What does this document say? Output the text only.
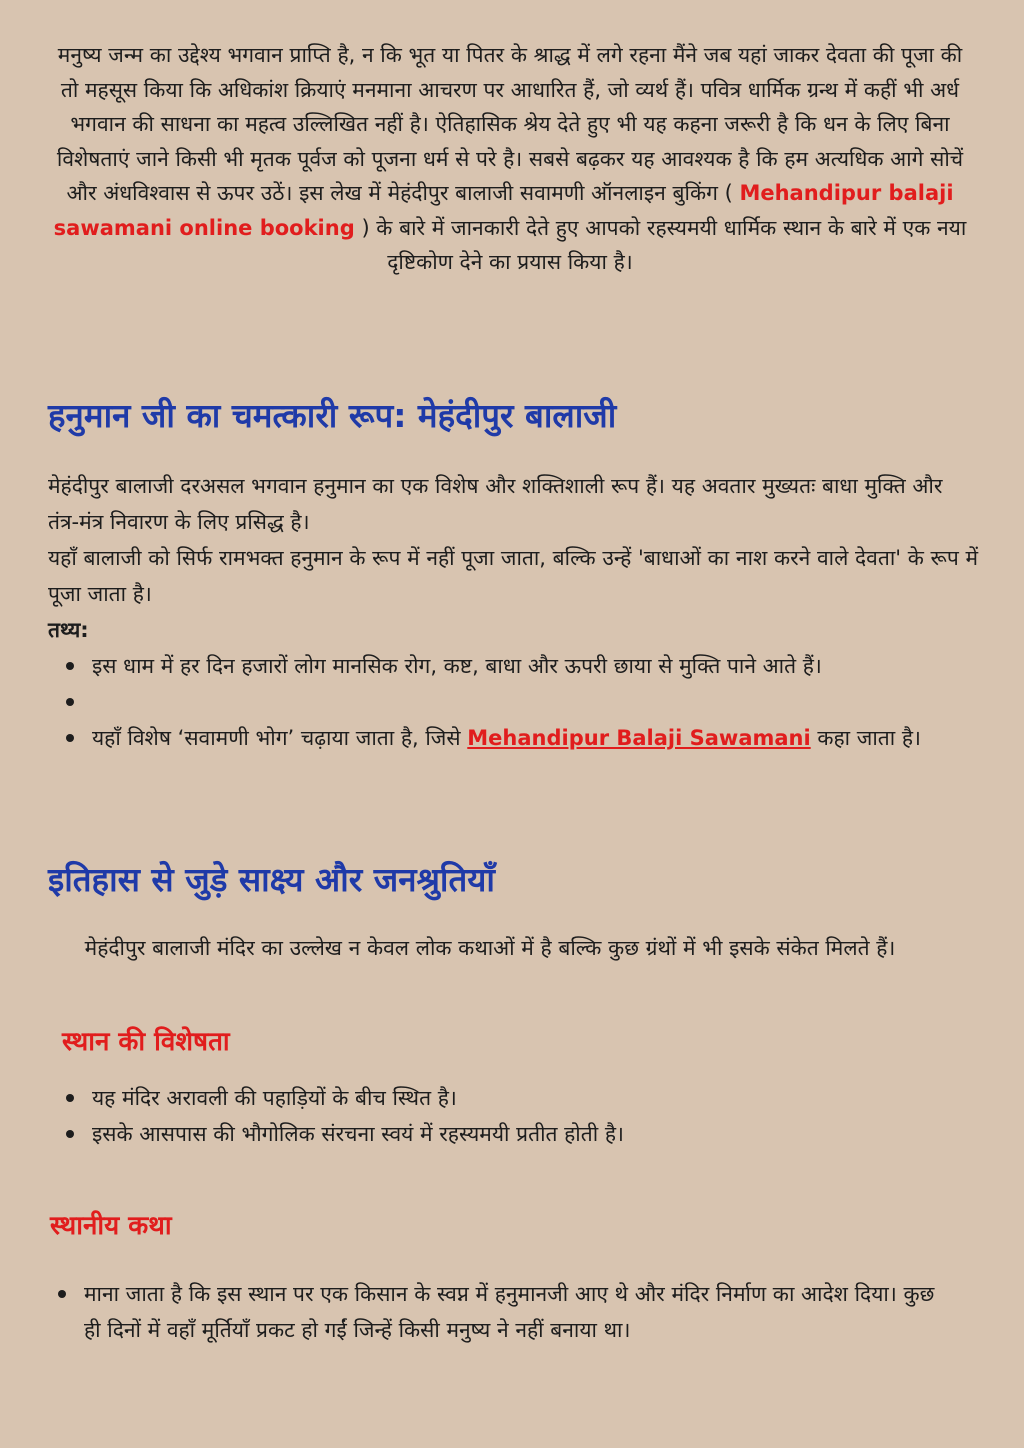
मनुष्य जन्म का उद्देश्य भगवान प्राप्ति है, न कि भूत या पितर के श्राद्ध में लगे रहना मैंने जब यहां जाकर देवता की पूजा की तो महसूस किया कि अधिकांश क्रियाएं मनमाना आचरण पर आधारित हैं, जो व्यर्थ हैं। पवित्र धार्मिक ग्रन्थ में कहीं भी अर्ध भगवान की साधना का महत्व उल्लिखित नहीं है। ऐतिहासिक श्रेय देते हुए भी यह कहना जरूरी है कि धन के लिए बिना विशेषताएं जाने किसी भी मृतक पूर्वज को पूजना धर्म से परे है। सबसे बढ़कर यह आवश्यक है कि हम अत्यधिक आगे सोचें और अंधविश्वास से ऊपर उठें। इस लेख में मेहंदीपुर बालाजी सवामणी ऑनलाइन बुकिंग ( Mehandipur balaji sawamani online booking ) के बारे में जानकारी देते हुए आपको रहस्यमयी धार्मिक स्थान के बारे में एक नया दृष्टिकोण देने का प्रयास किया है।
हनुमान जी का चमत्कारी रूप: मेहंदीपुर बालाजी

मेहंदीपुर बालाजी दरअसल भगवान हनुमान का एक विशेष और शक्तिशाली रूप हैं। यह अवतार मुख्यतः बाधा मुक्ति और तंत्र-मंत्र निवारण के लिए प्रसिद्ध है।

यहाँ बालाजी को सिर्फ रामभक्त हनुमान के रूप में नहीं पूजा जाता, बल्कि उन्हें 'बाधाओं का नाश करने वाले देवता' के रूप में पूजा जाता है।

तथ्य:

इस धाम में हर दिन हजारों लोग मानसिक रोग, कष्ट, बाधा और ऊपरी छाया से मुक्ति पाने आते हैं।

यहाँ विशेष ‘सवामणी भोग’ चढ़ाया जाता है, जिसे Mehandipur Balaji Sawamani कहा जाता है।
इतिहास से जुड़े साक्ष्य और जनश्रुतियाँ
मेहंदीपुर बालाजी मंदिर का उल्लेख न केवल लोक कथाओं में है बल्कि कुछ ग्रंथों में भी इसके संकेत मिलते हैं।
स्थान की विशेषता
यह मंदिर अरावली की पहाड़ियों के बीच स्थित है।
इसके आसपास की भौगोलिक संरचना स्वयं में रहस्यमयी प्रतीत होती है।
स्थानीय कथा
माना जाता है कि इस स्थान पर एक किसान के स्वप्न में हनुमानजी आए थे और मंदिर निर्माण का आदेश दिया। कुछ ही दिनों में वहाँ मूर्तियाँ प्रकट हो गईं जिन्हें किसी मनुष्य ने नहीं बनाया था।
